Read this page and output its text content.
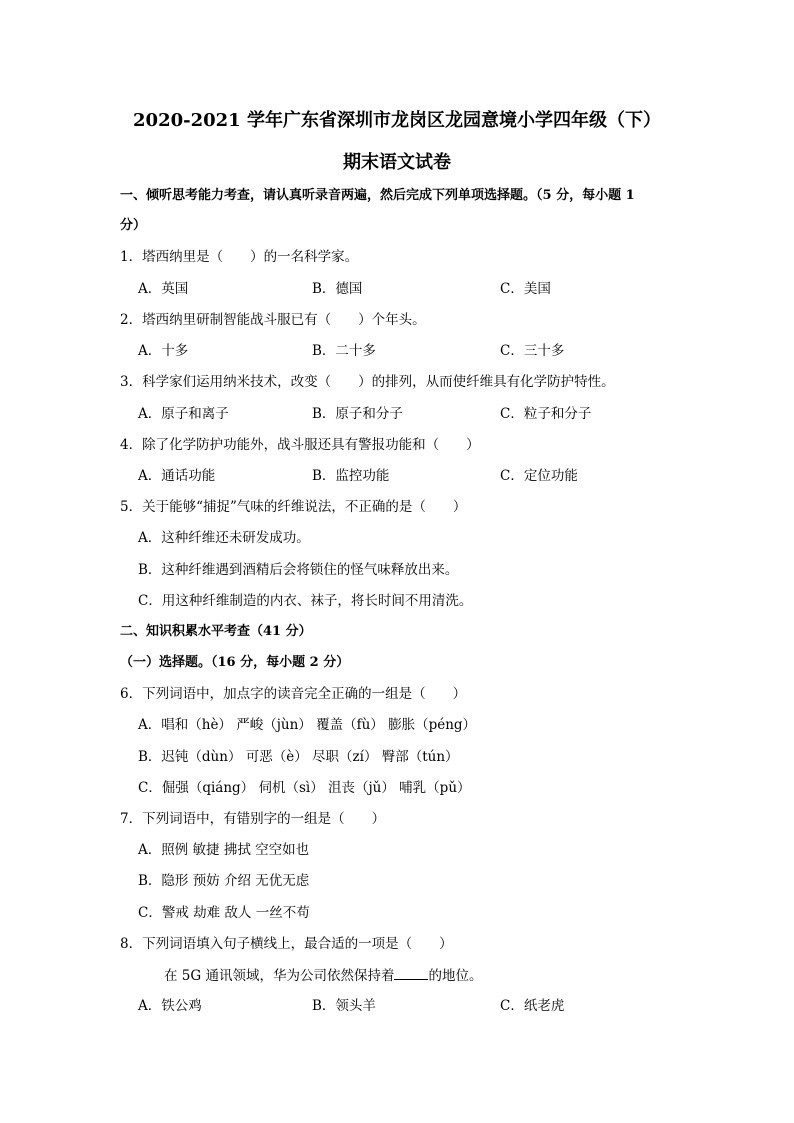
2020-2021 学年广东省深圳市龙岗区龙园意境小学四年级（下）
期末语文试卷
一、倾听思考能力考查，请认真听录音两遍，然后完成下列单项选择题。（5 分，每小题 1
分）
1．塔西纳里是（　　）的一名科学家。
A．英国	B．德国	C．美国
2．塔西纳里研制智能战斗服已有（　　）个年头。
A．十多	B．二十多	C．三十多
3．科学家们运用纳米技术，改变（　　）的排列，从而使纤维具有化学防护特性。
A．原子和离子	B．原子和分子	C．粒子和分子
4．除了化学防护功能外，战斗服还具有警报功能和（　　）
A．通话功能	B．监控功能	C．定位功能
5．关于能够“捕捉”气味的纤维说法，不正确的是（　　）
A．这种纤维还未研发成功。
B．这种纤维遇到酒精后会将锁住的怪气味释放出来。
C．用这种纤维制造的内衣、袜子，将长时间不用清洗。
二、知识积累水平考查（41 分）
（一）选择题。（16 分，每小题 2 分）
6．下列词语中，加点字的读音完全正确的一组是（　　）
A．唱和（hè） 严峻（jùn） 覆盖（fù） 膨胀（péng）
B．迟钝（dùn） 可恶（è） 尽职（zí） 臀部（tún）
C．倔强（qiáng） 伺机（sì） 沮丧（jǔ） 哺乳（pǔ）
7．下列词语中，有错别字的一组是（　　）
A．照例 敏捷 拂拭 空空如也
B．隐形 预妨 介绍 无优无虑
C．警戒 劫难 敌人 一丝不苟
8．下列词语填入句子横线上，最合适的一项是（　　）
在 5G 通讯领域，华为公司依然保持着	的地位。
A．铁公鸡	B．领头羊	C．纸老虎
